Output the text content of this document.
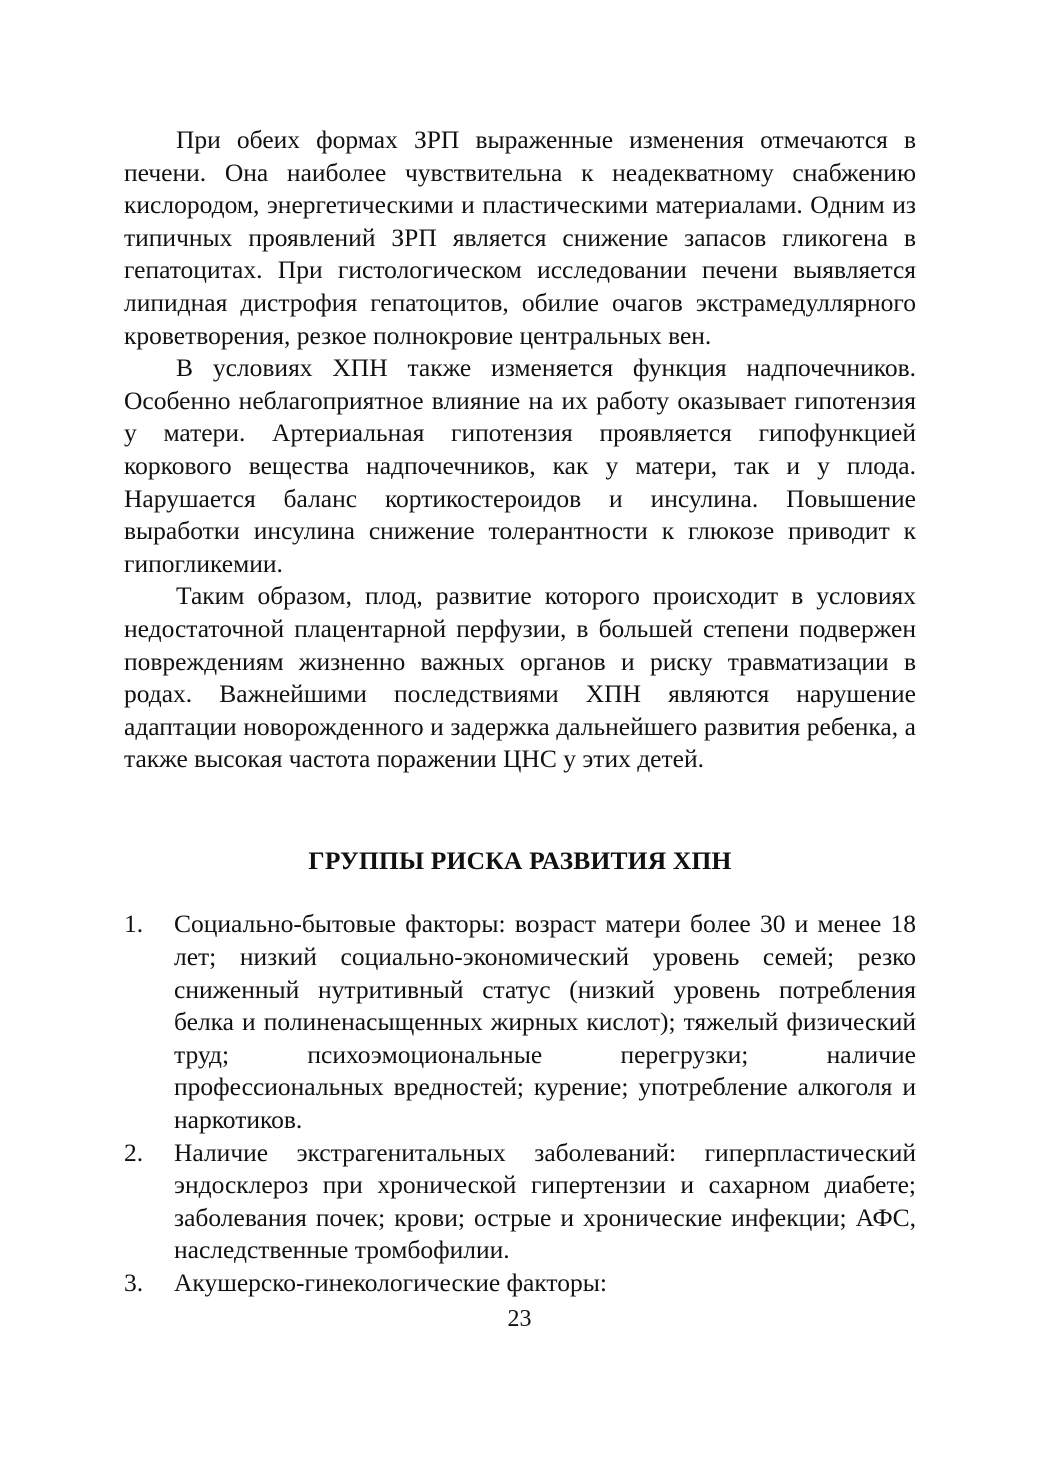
При обеих формах ЗРП выраженные изменения отмечаются в печени. Она наиболее чувствительна к неадекватному снабжению кислородом, энергетическими и пластическими материалами. Одним из типичных проявлений ЗРП является снижение запасов гликогена в гепатоцитах. При гистологическом исследовании печени выявляется липидная дистрофия гепатоцитов, обилие очагов экстрамедуллярного кроветворения, резкое полнокровие центральных вен.

В условиях ХПН также изменяется функция надпочечников. Особенно неблагоприятное влияние на их работу оказывает гипотензия у матери. Артериальная гипотензия проявляется гипофункцией коркового вещества надпочечников, как у матери, так и у плода. Нарушается баланс кортикостероидов и инсулина. Повышение выработки инсулина снижение толерантности к глюкозе приводит к гипогликемии.

Таким образом, плод, развитие которого происходит в условиях недостаточной плацентарной перфузии, в большей степени подвержен повреждениям жизненно важных органов и риску травматизации в родах. Важнейшими последствиями ХПН являются нарушение адаптации новорожденного и задержка дальнейшего развития ребенка, а также высокая частота поражении ЦНС у этих детей.

ГРУППЫ РИСКА РАЗВИТИЯ ХПН
1.	Социально-бытовые факторы: возраст матери более 30 и менее 18 лет; низкий социально-экономический уровень семей; резко сниженный нутритивный статус (низкий уровень потребления белка и полиненасыщенных жирных кислот); тяжелый физический труд; психоэмоциональные перегрузки; наличие профессиональных вредностей; курение; употребление алкоголя и наркотиков.
2.	Наличие экстрагенитальных заболеваний: гиперпластический эндосклероз при хронической гипертензии и сахарном диабете; заболевания почек; крови; острые и хронические инфекции; АФС, наследственные тромбофилии.
3.	Акушерско-гинекологические факторы:
23
